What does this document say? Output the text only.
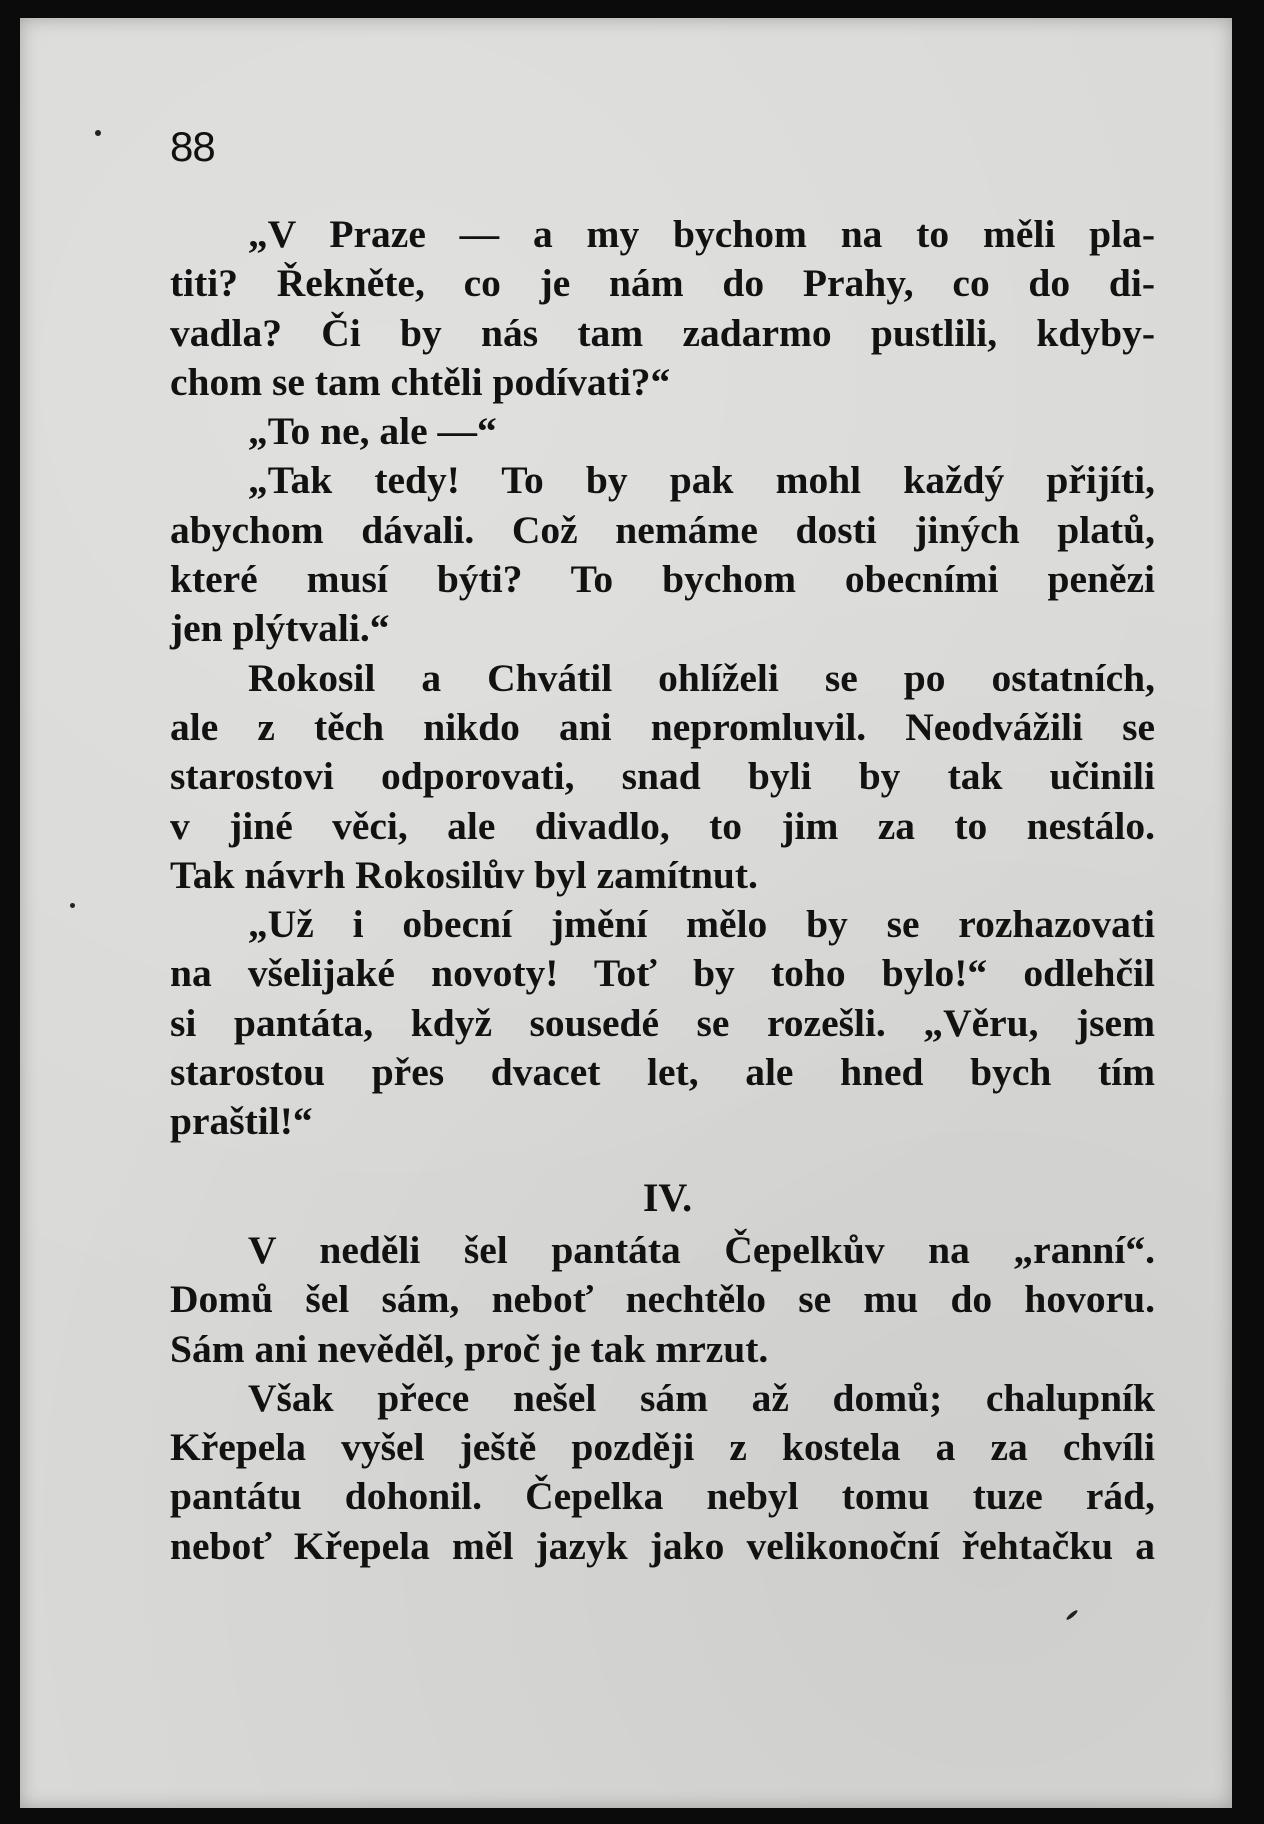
88
„V Praze — a my bychom na to měli pla-
titi? Řekněte, co je nám do Prahy, co do di-
vadla? Či by nás tam zadarmo pustlili, kdyby-
chom se tam chtěli podívati?“
„To ne, ale —“
„Tak tedy! To by pak mohl každý přijíti,
abychom dávali. Což nemáme dosti jiných platů,
které musí býti? To bychom obecními penězi
jen plýtvali.“
Rokosil a Chvátil ohlíželi se po ostatních,
ale z těch nikdo ani nepromluvil. Neodvážili se
starostovi odporovati, snad byli by tak učinili
v jiné věci, ale divadlo, to jim za to nestálo.
Tak návrh Rokosilův byl zamítnut.
„Už i obecní jmění mělo by se rozhazovati
na všelijaké novoty! Toť by toho bylo!“ odlehčil
si pantáta, když sousedé se rozešli. „Věru, jsem
starostou přes dvacet let, ale hned bych tím
praštil!“
IV.
V neděli šel pantáta Čepelkův na „ranní“.
Domů šel sám, neboť nechtělo se mu do hovoru.
Sám ani nevěděl, proč je tak mrzut.
Však přece nešel sám až domů; chalupník
Křepela vyšel ještě později z kostela a za chvíli
pantátu dohonil. Čepelka nebyl tomu tuze rád,
neboť Křepela měl jazyk jako velikonoční řehtačku a
